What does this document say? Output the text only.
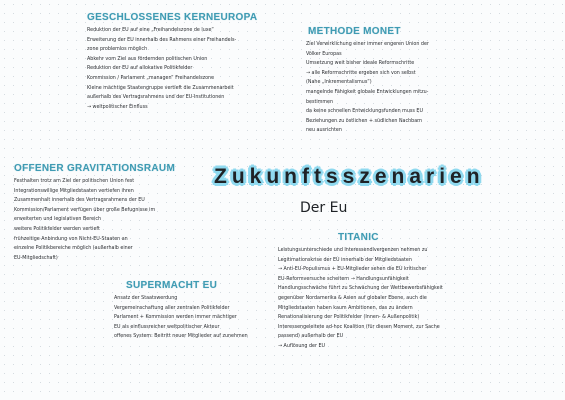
GESCHLOSSENES KERNEUROPA
Reduktion der EU auf eine „Freihandelszone de luxe“
Erweiterung der EU innerhalb des Rahmens einer Freihandels-
zone problemlos möglich
Abkehr vom Ziel aus fördernden politischen Union
Reduktion der EU auf allokative Politikfelder
Kommission / Parlament „managen“ Freihandelszone
Kleine mächtige Staatengruppe vertieft die Zusammenarbeit
außerhalb des Vertragsrahmens und der EU-Institutionen
→ weltpolitischer Einfluss
METHODE MONET
Ziel Verwirklichung einer immer engeren Union der
Völker Europas
Umsetzung weit bisher ideale Reformschritte
→ alle Reformschritte ergeben sich von selbst
(Nahe „Inkrementalismus“)
mangelnde Fähigkeit globale Entwicklungen mitzu-
bestimmen
da keine schnellen Entwicklungsfunden muss EU
Beziehungen zu östlichen + südlichen Nachbarn
neu ausrichten
OFFENER GRAVITATIONSRAUM
Festhalten trotz am Ziel der politischen Union fest
Integrationswillige Mitgliedstaaten vertiefen ihren
Zusammenhalt innerhalb des Vertragsrahmens der EU
Kommission/Parlament verfügen über große Befugnisse im
erweiterten und legislativen Bereich
weitere Politikfelder werden vertieft
frühzeitige Anbindung von Nicht-EU-Staaten an
einzelne Politikbereiche möglich (außerhalb einer
EU-Mitgliedschaft)
Zukunftsszenarien
Der Eu
TITANIC
Leistungsunterschiede und Interessendivergenzen nehmen zu
Legitimationskrise der EU innerhalb der Mitgliedstaaten
→ Anti-EU-Populismus + EU-Mitglieder sehen die EU kritischer
EU-Reformversuche scheitern → Handlungsunfähigkeit
Handlungsschwäche führt zu Schwächung der Wettbewerbsfähigkeit
gegenüber Nordamerika & Asien auf globaler Ebene, auch die
Mitgliedstaaten haben kaum Ambitionen, das zu ändern
Renationalisierung der Politikfelder (Innen- & Außenpolitik)
Interessengeleitete ad-hoc Koalition (für diesen Moment, zur Sache
passend) außerhalb der EU
→ Auflösung der EU
SUPERMACHT EU
Ansatz der Staatswerdung
Vergemeinschaftung aller zentralen Politikfelder
Parlament + Kommission werden immer mächtiger
EU als einflussreicher weltpolitischer Akteur
offenes System: Beitritt neuer Mitglieder auf zunehmen
